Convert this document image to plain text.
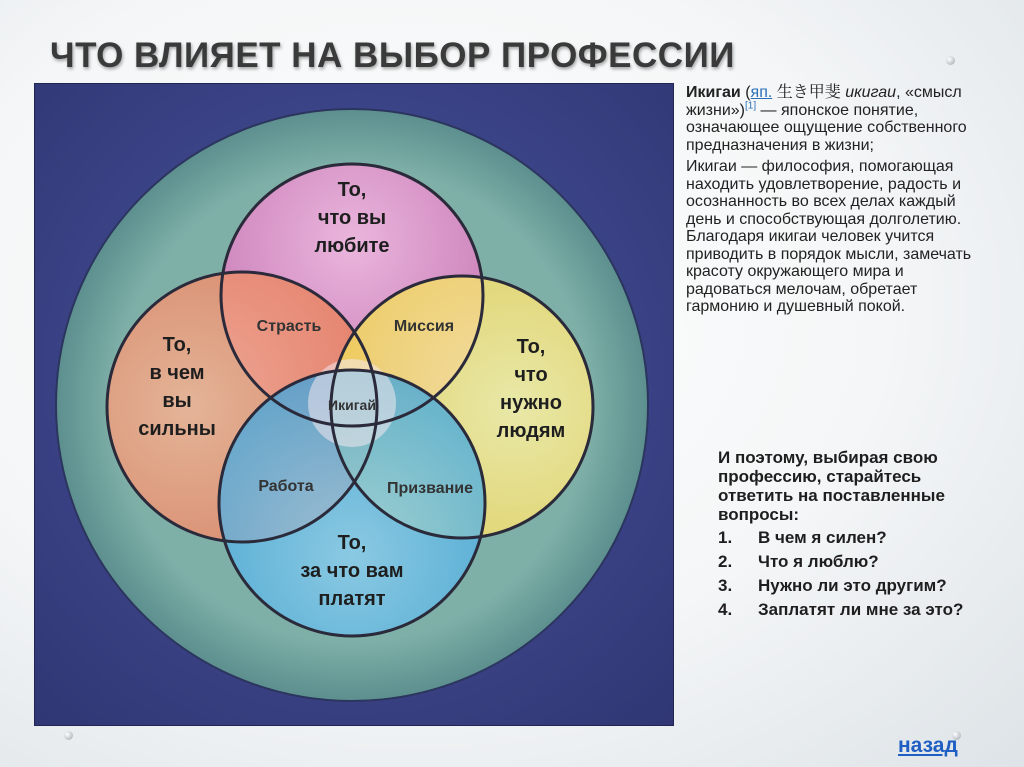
ЧТО ВЛИЯЕТ НА ВЫБОР ПРОФЕССИИ
То,
что вы
любите
То,
в чем
вы
сильны
То,
что
нужно
людям
То,
за что вам
платят
Страсть	Миссия
Работа	Призвание
Икигай

Икигаи (яп. 生き甲斐 икигаи, «смысл жизни»)[1] — японское понятие, означающее ощущение собственного предназначения в жизни;

Икигаи — философия, помогающая находить удовлетворение, радость и осознанность во всех делах каждый день и способствующая долголетию. Благодаря икигаи человек учится приводить в порядок мысли, замечать красоту окружающего мира и радоваться мелочам, обретает гармонию и душевный покой.

И поэтому, выбирая свою профессию, старайтесь ответить на поставленные вопросы:
1.	В чем я силен?
2.	Что я люблю?
3.	Нужно ли это другим?
4.	Заплатят ли мне за это?
назад
